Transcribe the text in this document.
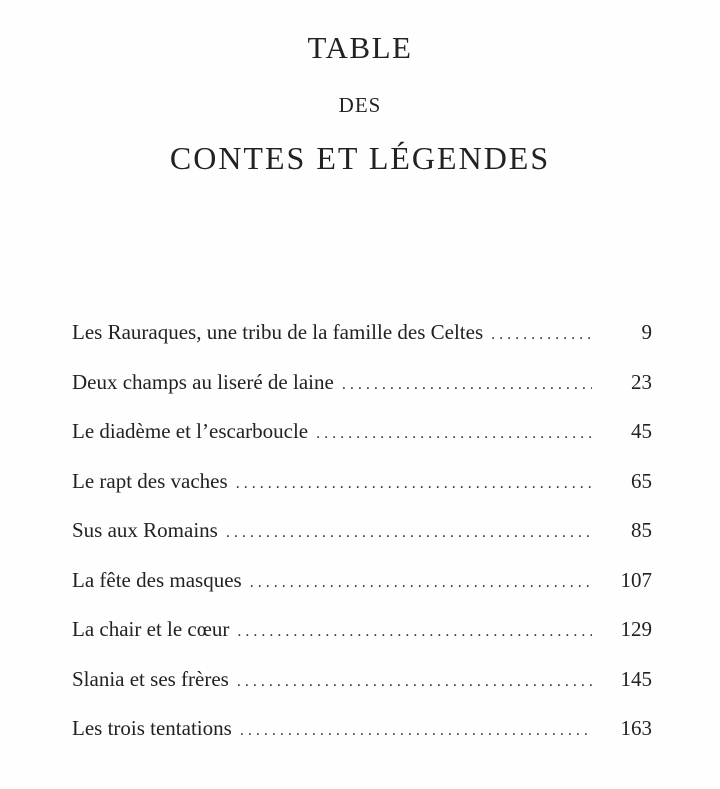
TABLE
DES
CONTES ET LÉGENDES
Les Rauraques, une tribu de la famille des Celtes . . .	9
Deux champs au liseré de laine . . .	23
Le diadème et l’escarboucle . . .	45
Le rapt des vaches . . .	65
Sus aux Romains . . .	85
La fête des masques . . .	107
La chair et le cœur . . .	129
Slania et ses frères . . .	145
Les trois tentations . . .	163
